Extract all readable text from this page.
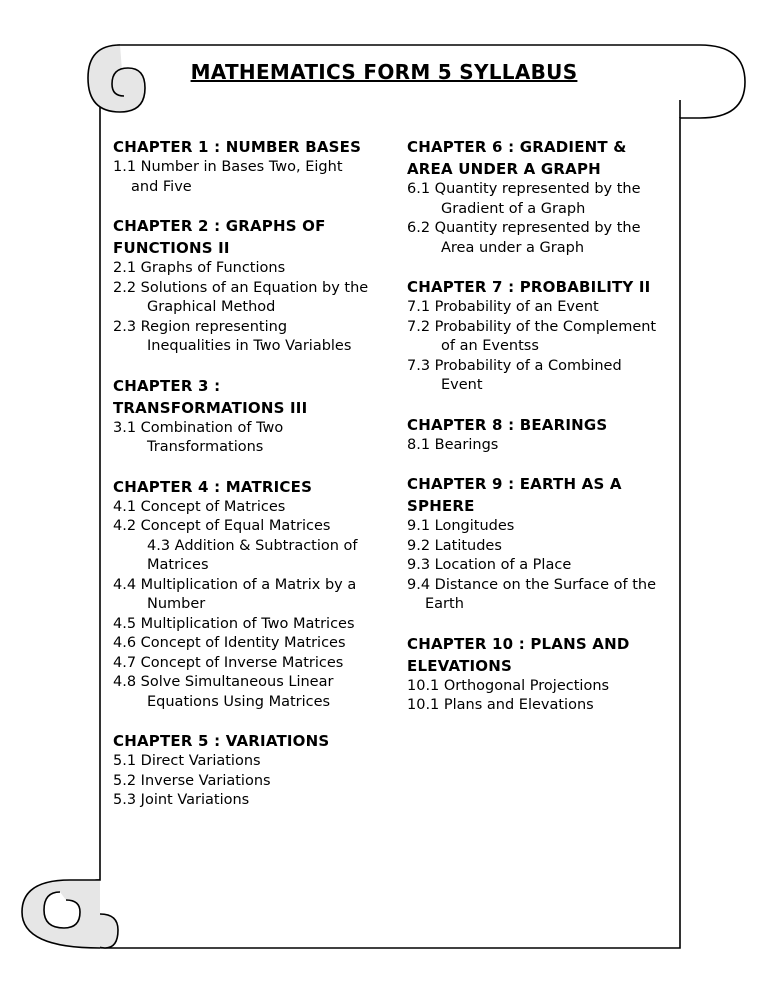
MATHEMATICS FORM 5 SYLLABUS
CHAPTER 1 : NUMBER BASES
1.1 Number in Bases Two, Eight and Five
CHAPTER 2 : GRAPHS OF FUNCTIONS II
2.1 Graphs of Functions
2.2 Solutions of an Equation by the Graphical Method
2.3 Region representing Inequalities in Two Variables
CHAPTER 3 : TRANSFORMATIONS III
3.1 Combination of Two Transformations
CHAPTER 4 : MATRICES
4.1 Concept of Matrices
4.2 Concept of Equal Matrices
4.3 Addition & Subtraction of Matrices
4.4 Multiplication of a Matrix by a Number
4.5 Multiplication of Two Matrices
4.6 Concept of Identity Matrices
4.7 Concept of Inverse Matrices
4.8 Solve Simultaneous Linear Equations Using Matrices
CHAPTER 5 : VARIATIONS
5.1 Direct Variations
5.2 Inverse Variations
5.3 Joint Variations
CHAPTER 6 : GRADIENT & AREA UNDER A GRAPH
6.1 Quantity represented by the Gradient of a Graph
6.2 Quantity represented by the Area under a Graph
CHAPTER 7 : PROBABILITY II
7.1 Probability of an Event
7.2 Probability of the Complement of an Eventss
7.3 Probability of a Combined Event
CHAPTER 8 : BEARINGS
8.1 Bearings
CHAPTER 9 : EARTH AS A SPHERE
9.1 Longitudes
9.2 Latitudes
9.3 Location of a Place
9.4 Distance on the Surface of the Earth
CHAPTER 10 : PLANS AND ELEVATIONS
10.1 Orthogonal Projections
10.1 Plans and Elevations
